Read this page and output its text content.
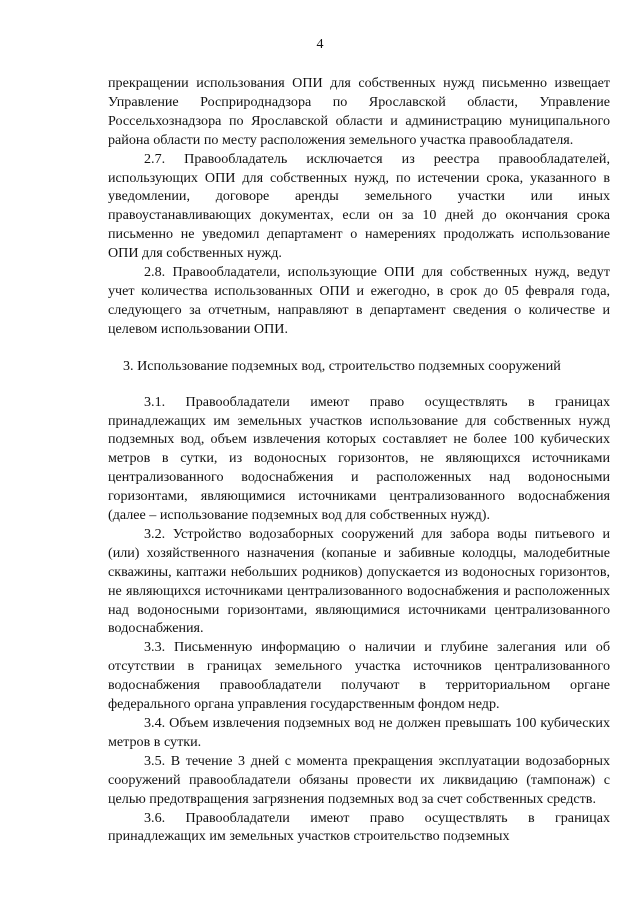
4

прекращении использования ОПИ для собственных нужд письменно извещает Управление Росприроднадзора по Ярославской области, Управление Россельхознадзора по Ярославской области и администрацию муниципального района области по месту расположения земельного участка правообладателя.

2.7. Правообладатель исключается из реестра правообладателей, использующих ОПИ для собственных нужд, по истечении срока, указанного в уведомлении, договоре аренды земельного участки или иных правоустанавливающих документах, если он за 10 дней до окончания срока письменно не уведомил департамент о намерениях продолжать использование ОПИ для собственных нужд.

2.8. Правообладатели, использующие ОПИ для собственных нужд, ведут учет количества использованных ОПИ и ежегодно, в срок до 05 февраля года, следующего за отчетным, направляют в департамент сведения о количестве и целевом использовании ОПИ.

3. Использование подземных вод, строительство подземных сооружений

3.1. Правообладатели имеют право осуществлять в границах принадлежащих им земельных участков использование для собственных нужд подземных вод, объем извлечения которых составляет не более 100 кубических метров в сутки, из водоносных горизонтов, не являющихся источниками централизованного водоснабжения и расположенных над водоносными горизонтами, являющимися источниками централизованного водоснабжения (далее – использование подземных вод для собственных нужд).

3.2. Устройство водозаборных сооружений для забора воды питьевого и (или) хозяйственного назначения (копаные и забивные колодцы, малодебитные скважины, каптажи небольших родников) допускается из водоносных горизонтов, не являющихся источниками централизованного водоснабжения и расположенных над водоносными горизонтами, являющимися источниками централизованного водоснабжения.

3.3. Письменную информацию о наличии и глубине залегания или об отсутствии в границах земельного участка источников централизованного водоснабжения правообладатели получают в территориальном органе федерального органа управления государственным фондом недр.

3.4. Объем извлечения подземных вод не должен превышать 100 кубических метров в сутки.

3.5. В течение 3 дней с момента прекращения эксплуатации водозаборных сооружений правообладатели обязаны провести их ликвидацию (тампонаж) с целью предотвращения загрязнения подземных вод за счет собственных средств.

3.6. Правообладатели имеют право осуществлять в границах принадлежащих им земельных участков строительство подземных
